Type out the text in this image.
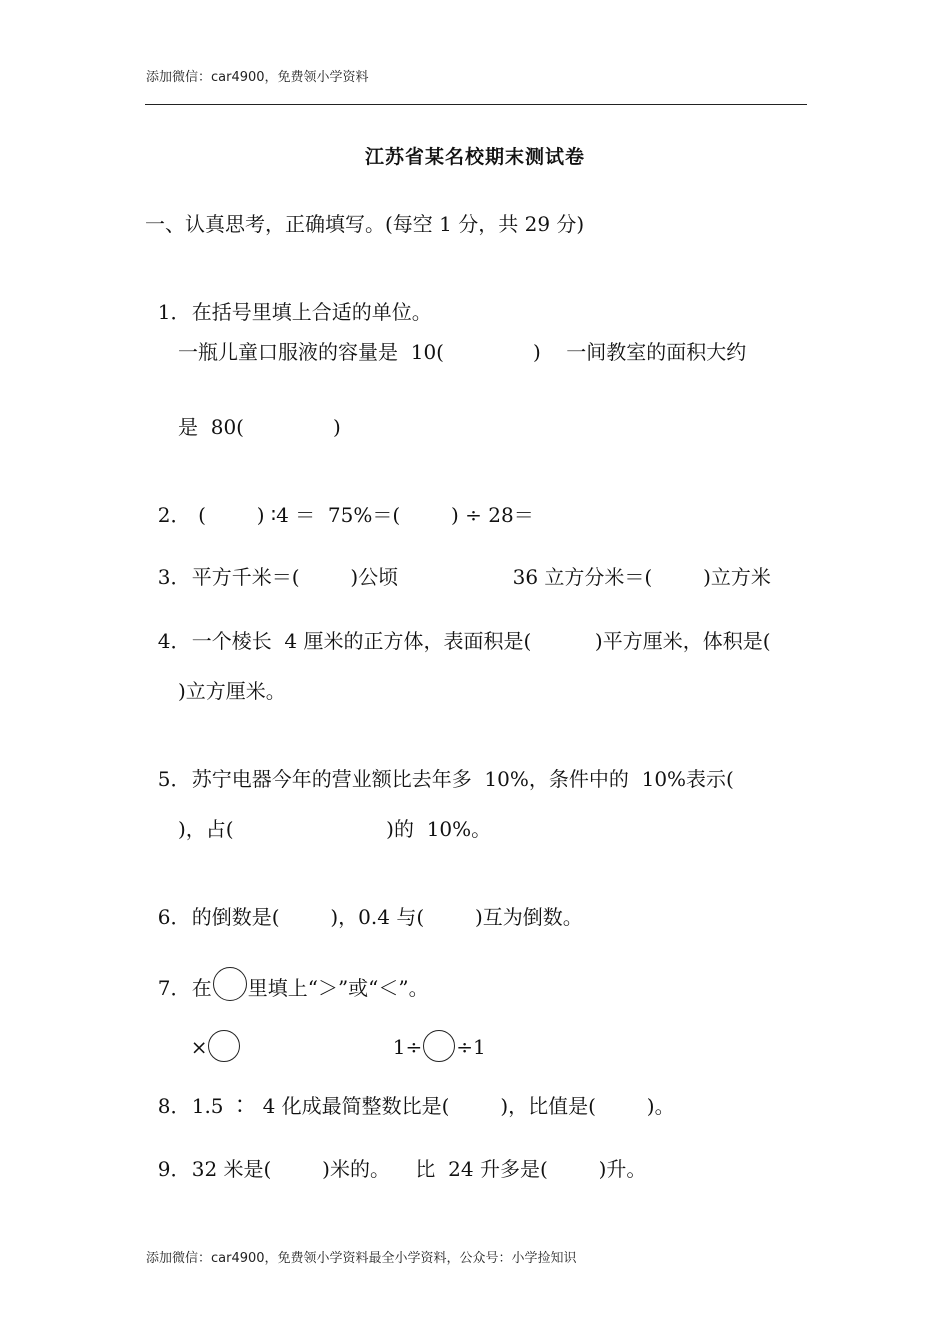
添加微信：car4900，免费领小学资料
江苏省某名校期末测试卷
一、认真思考，正确填写。(每空 1 分，共 29 分)

1．在括号里填上合适的单位。

一瓶儿童口服液的容量是  10(              )    一间教室的面积大约
是  80(              )

2． (        ) ∶4 ＝  75%＝(        ) ÷ 28＝

3．平方千米＝(        )公顷                  36 立方分米＝(        )立方米

4．一个棱长  4 厘米的正方体，表面积是(          )平方厘米，体积是(

)立方厘米。

5．苏宁电器今年的营业额比去年多  10%，条件中的  10%表示(

)，占(                        )的  10%。

6．的倒数是(        )，0.4 与(        )互为倒数。

7．在 里填上“＞”或“＜”。

×	1÷ ÷1

8．1.5 ∶  4 化成最简整数比是(        )，比值是(        )。

9．32 米是(        )米的。    比  24 升多是(        )升。

添加微信：car4900，免费领小学资料最全小学资料，公众号：小学捡知识
